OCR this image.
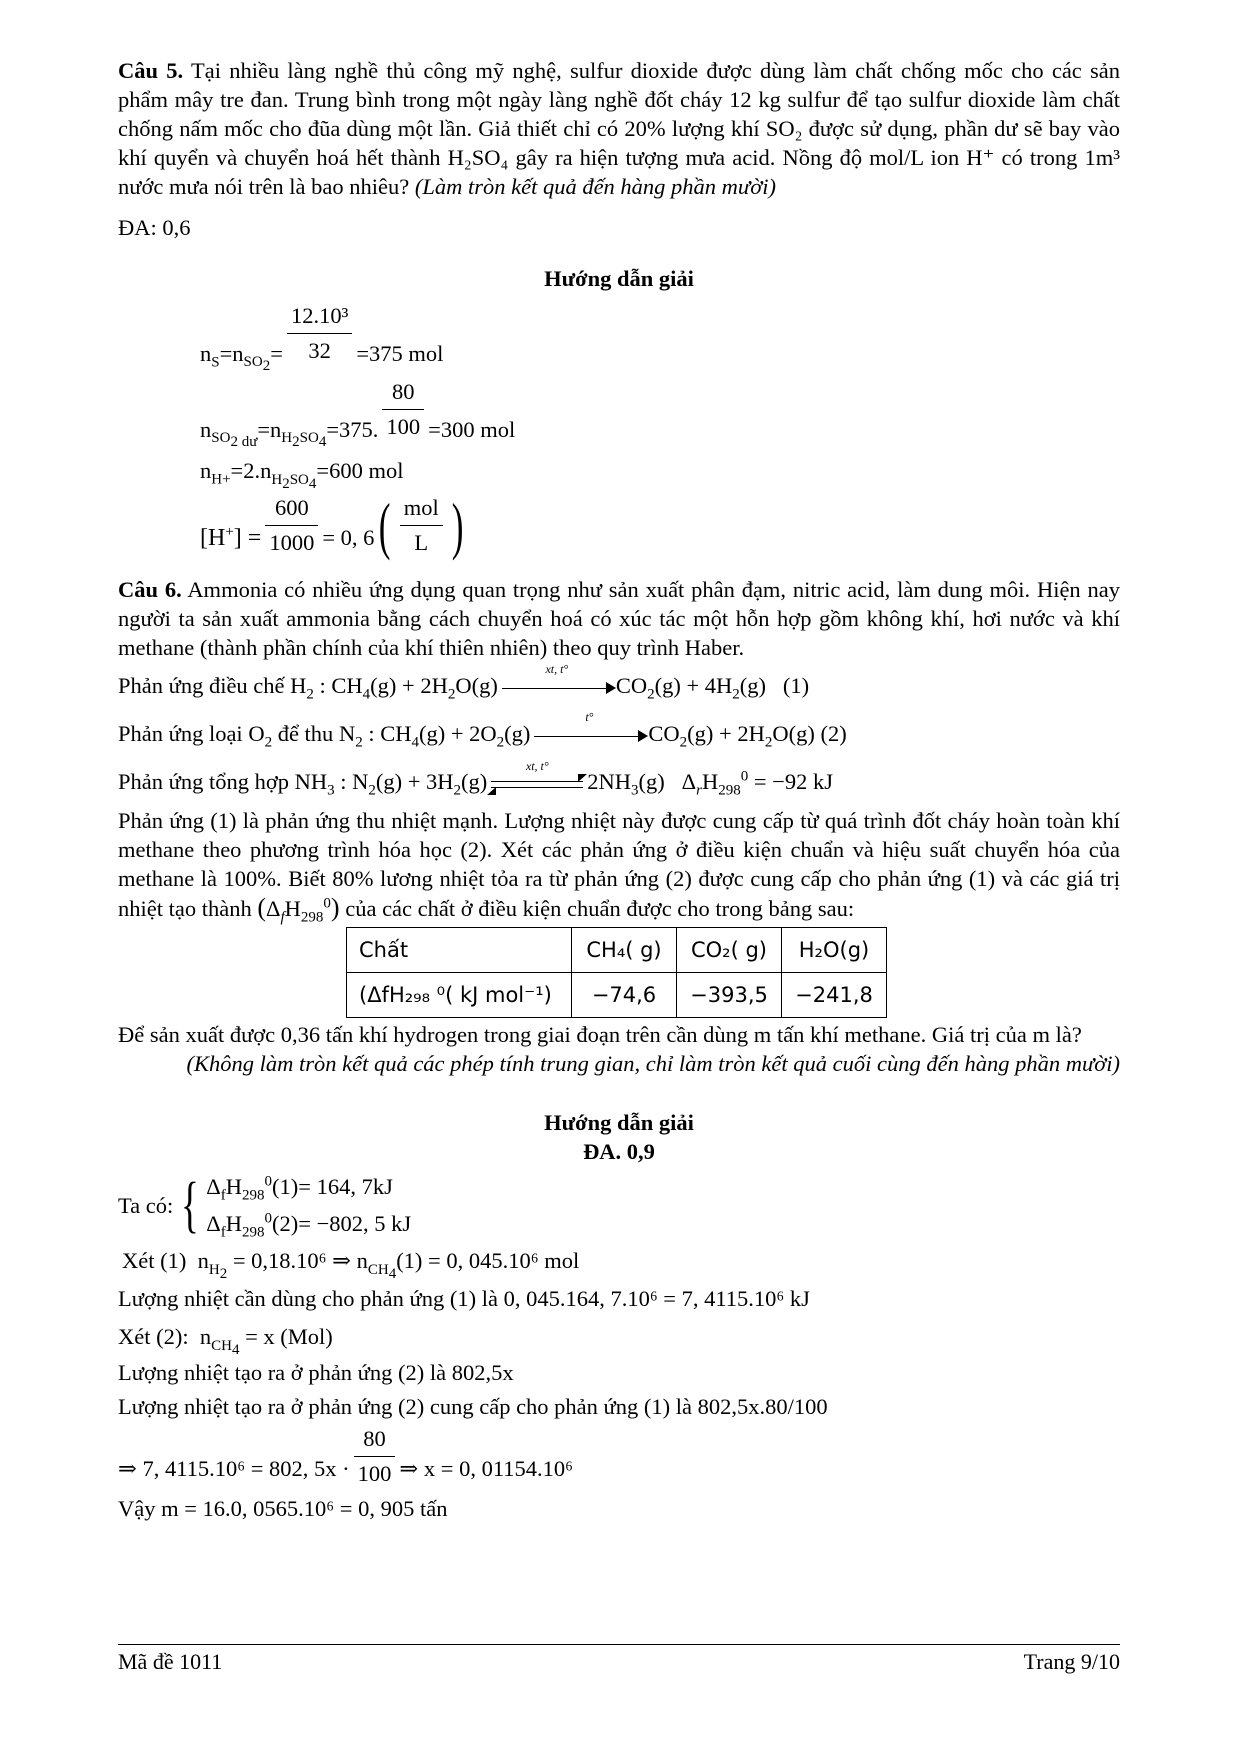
Câu 5. Tại nhiều làng nghề thủ công mỹ nghệ, sulfur dioxide được dùng làm chất chống mốc cho các sản phẩm mây tre đan. Trung bình trong một ngày làng nghề đốt cháy 12 kg sulfur để tạo sulfur dioxide làm chất chống nấm mốc cho đũa dùng một lần. Giả thiết chỉ có 20% lượng khí SO₂ được sử dụng, phần dư sẽ bay vào khí quyển và chuyển hoá hết thành H₂SO₄ gây ra hiện tượng mưa acid. Nồng độ mol/L ion H⁺ có trong 1m³ nước mưa nói trên là bao nhiêu? (Làm tròn kết quả đến hàng phần mười)

ĐA: 0,6

Hướng dẫn giải

$n_S=n_{SO_2}= \frac{\text{12.10³}}{32} =375$ mol
$n_{SO_{2 dư}}=n_{H_2SO_4}=375$. $\frac{80}{100} =300$ mol
$n_{H+}=2.n_{H_2SO_4}=600$ mol
$[H^+] = \frac{600}{1000} = 0$, $6( \frac{\text{mol}}{L}$ )

Câu 6. Ammonia có nhiều ứng dụng quan trọng như sản xuất phân đạm, nitric acid, làm dung môi. Hiện nay người ta sản xuất ammonia bằng cách chuyển hoá có xúc tác một hỗn hợp gồm không khí, hơi nước và khí methane (thành phần chính của khí thiên nhiên) theo quy trình Haber.

Phản ứng điều chế $H_2$ : $CH_4(g) + 2H_2O(g)$
xt, t°
$CO_2(g) + 4H_2(g)$   (1)
Phản ứng loại $O_2$ để thu $N_2$ : $CH_4(g) + 2O_2(g)$
t°
$CO_2(g) + 2H_2O(g)$ (2)
Phản ứng tổng hợp $NH_3$ : $N_2(g) + 3H_2(g)$
xt, t°
$2NH_3(g) \Delta_rH_{298}^0 = -92$ kJ

Phản ứng (1) là phản ứng thu nhiệt mạnh. Lượng nhiệt này được cung cấp từ quá trình đốt cháy hoàn toàn khí methane theo phương trình hóa học (2). Xét các phản ứng ở điều kiện chuẩn và hiệu suất chuyển hóa của methane là 100%. Biết 80% lương nhiệt tỏa ra từ phản ứng (2) được cung cấp cho phản ứng (1) và các giá trị nhiệt tạo thành $(\Delta_fH_{298}^0)$ của các chất ở điều kiện chuẩn được cho trong bảng sau:

Chất	CH₄( g)	CO₂( g)	H₂O(g)
(ΔfH₂₉₈ ⁰( kJ mol⁻¹)	−74,6	−393,5	−241,8

Để sản xuất được 0,36 tấn khí hydrogen trong giai đoạn trên cần dùng m tấn khí methane. Giá trị của m là?

(Không làm tròn kết quả các phép tính trung gian, chỉ làm tròn kết quả cuối cùng đến hàng phần mười)

Hướng dẫn giải

ĐA. 0,9

Ta có: { $\Delta_fH_{298}^0(1)= 164$, 7kJ
$\Delta_fH_{298}^0(2)= -802$, 5 kJ
Xét (1)  $n_{H_2} = 0,18.10^6$ ⇒ $n_{CH_4}(1) = 0$, 045.10⁶ mol
Lượng nhiệt cần dùng cho phản ứng (1) là 0, 045.164, 7.10⁶ = 7, 4115.10⁶ kJ
Xét (2):  $n_{CH_4} = x$ (Mol)

Lượng nhiệt tạo ra ở phản ứng (2) là 802,5x

Lượng nhiệt tạo ra ở phản ứng (2) cung cấp cho phản ứng (1) là 802,5x.80/100

⇒ 7, 4115.10⁶ = 802, $5x \cdot \frac{80}{100}$ ⇒ x = 0, 01154.10⁶

Vậy m = 16.0, 0565.10⁶ = 0, 905 tấn

Mã đề 1011	Trang 9/10
